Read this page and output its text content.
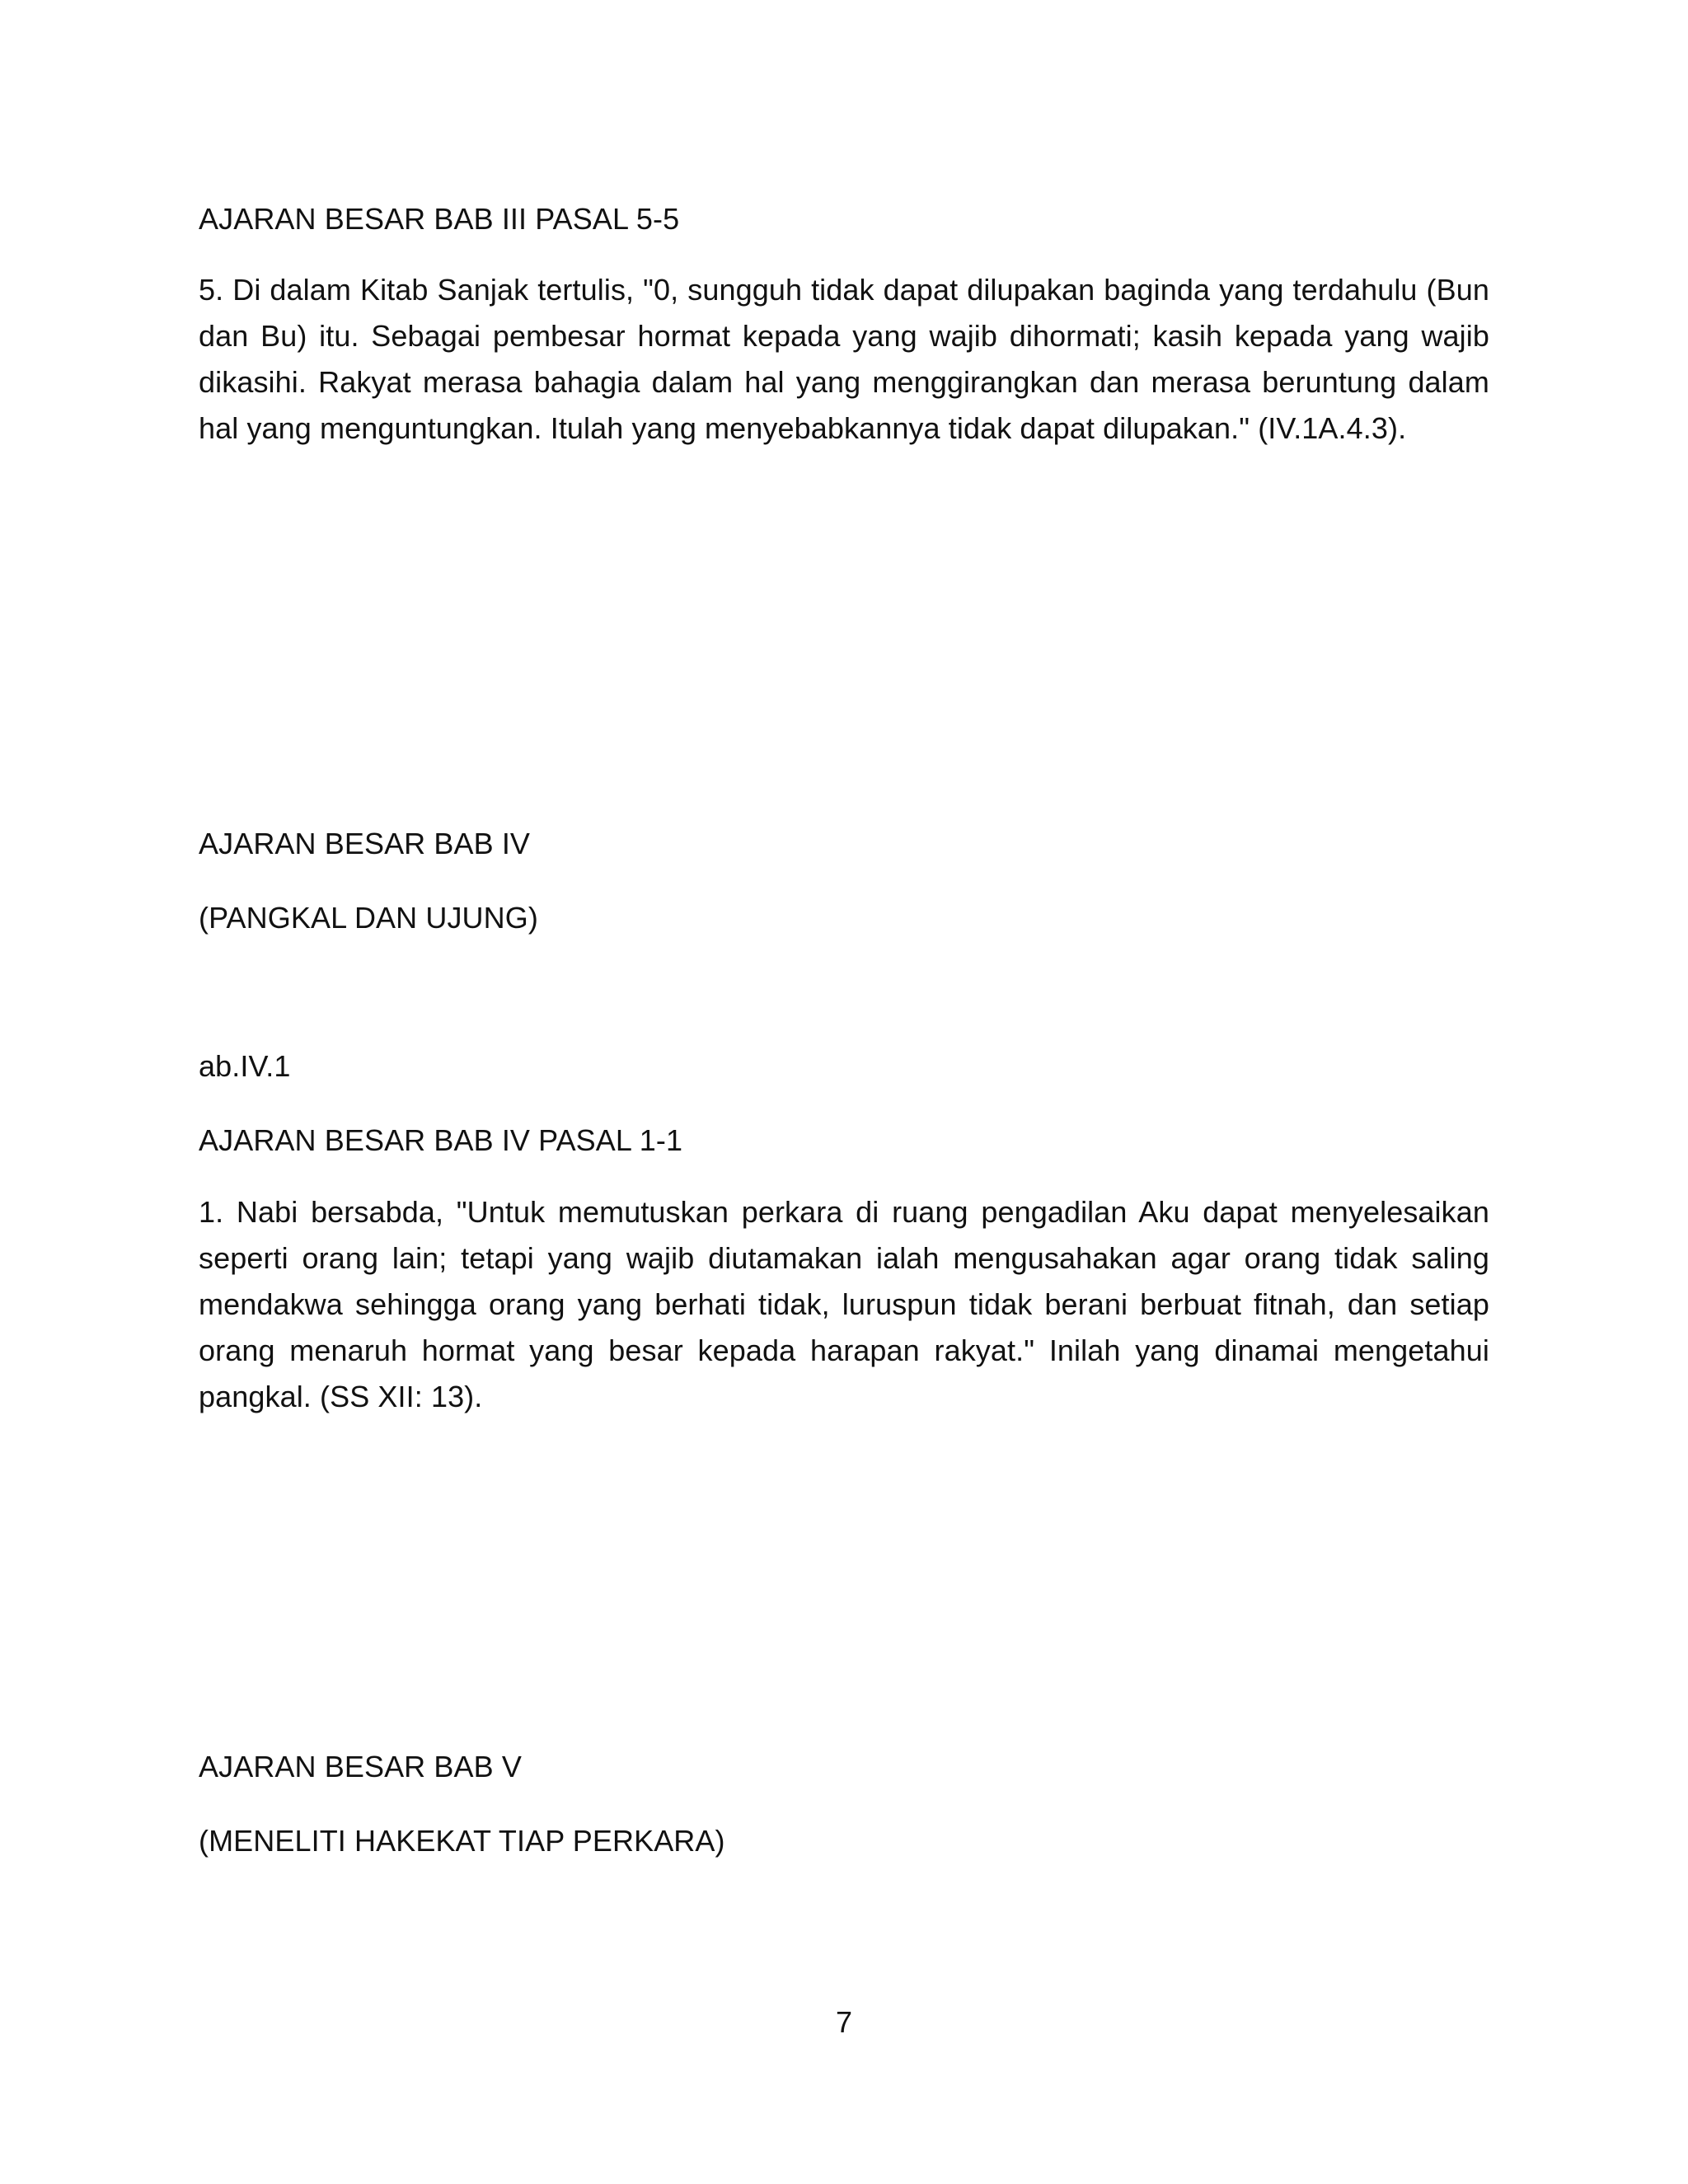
AJARAN BESAR BAB III PASAL 5-5

5. Di dalam Kitab Sanjak tertulis, "0, sungguh tidak dapat dilupakan baginda yang terdahulu (Bun dan Bu) itu. Sebagai pembesar hormat kepada yang wajib dihormati; kasih kepada yang wajib dikasihi. Rakyat merasa bahagia dalam hal yang menggirangkan dan merasa beruntung dalam hal yang menguntungkan. Itulah yang menyebabkannya tidak dapat dilupakan." (IV.1A.4.3).

AJARAN BESAR BAB IV

(PANGKAL DAN UJUNG)

ab.IV.1

AJARAN BESAR BAB IV PASAL 1-1

1. Nabi bersabda, "Untuk memutuskan perkara di ruang pengadilan Aku dapat menyelesaikan seperti orang lain; tetapi yang wajib diutamakan ialah mengusahakan agar orang tidak saling mendakwa sehingga orang yang berhati tidak, luruspun tidak berani berbuat fitnah, dan setiap orang menaruh hormat yang besar kepada harapan rakyat." Inilah yang dinamai mengetahui pangkal. (SS XII: 13).

AJARAN BESAR BAB V

(MENELITI HAKEKAT TIAP PERKARA)

7
